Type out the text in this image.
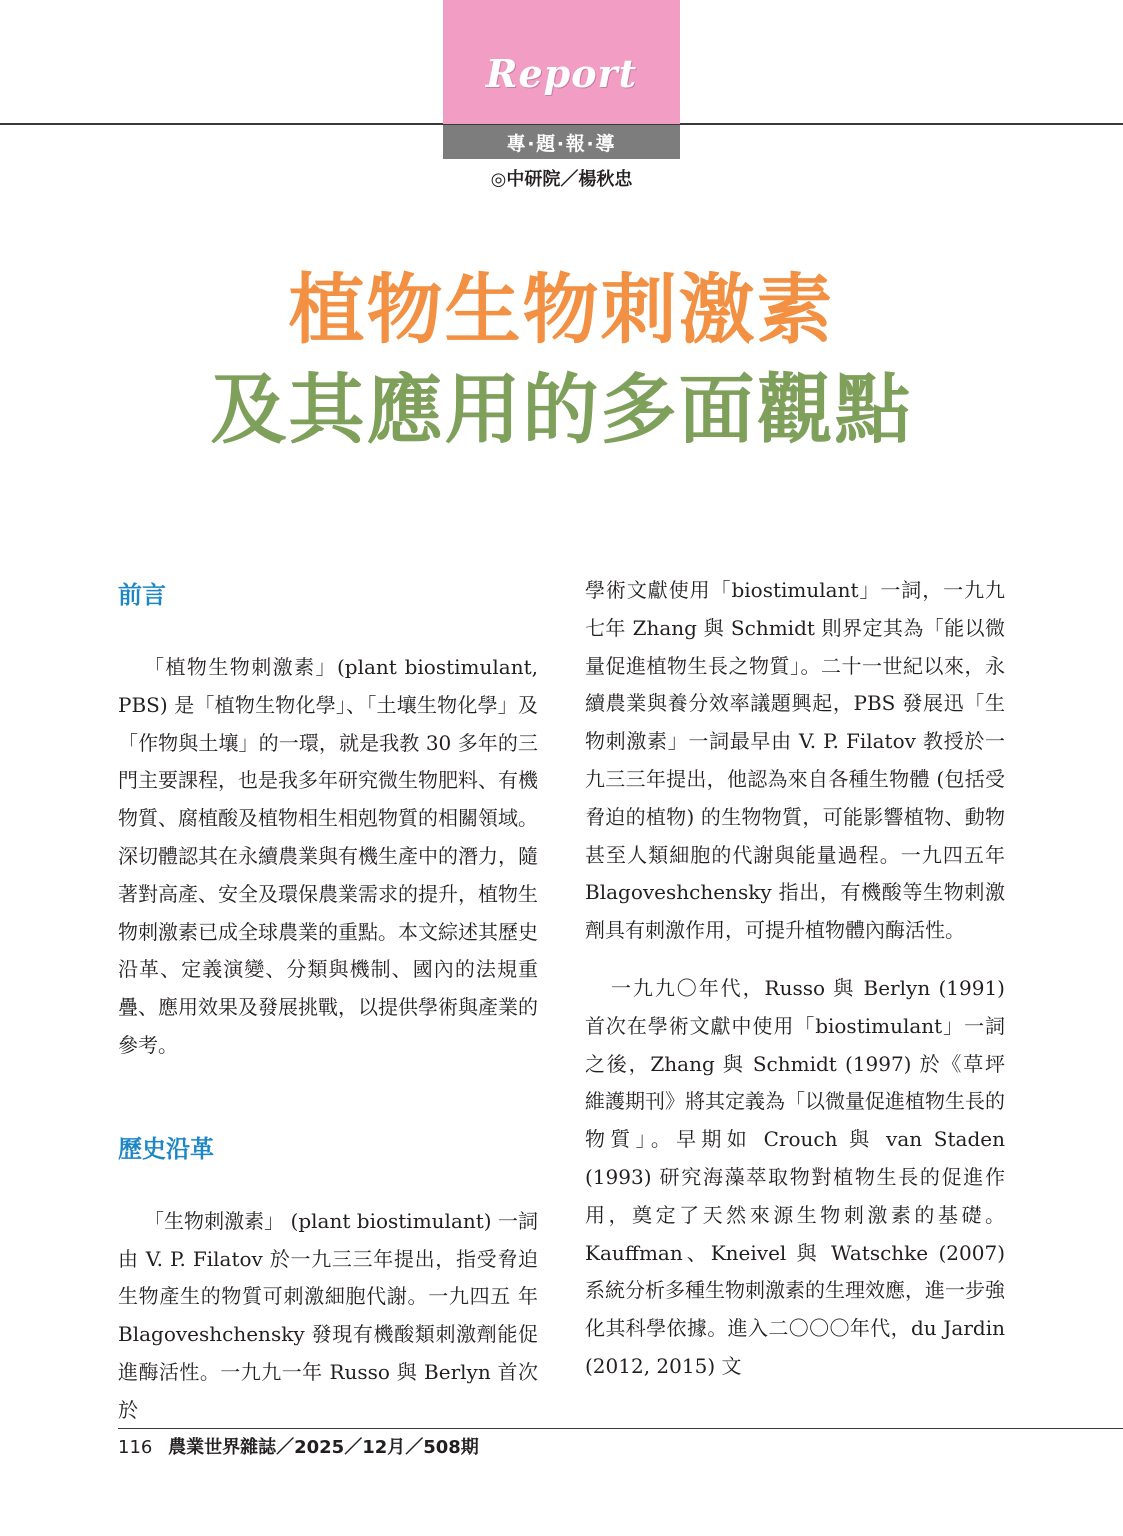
Report
專‧題‧報‧導
◎中研院／楊秋忠
植物生物刺激素
及其應用的多面觀點
前言

「植物生物刺激素」(plant biostimulant, PBS) 是「植物生物化學」、「土壤生物化學」及「作物與土壤」的一環，就是我教 30 多年的三門主要課程，也是我多年研究微生物肥料、有機物質、腐植酸及植物相生相剋物質的相關領域。深切體認其在永續農業與有機生產中的潛力，隨著對高產、安全及環保農業需求的提升，植物生物刺激素已成全球農業的重點。本文綜述其歷史沿革、定義演變、分類與機制、國內的法規重疊、應用效果及發展挑戰，以提供學術與產業的參考。

歷史沿革

「生物刺激素」 (plant biostimulant) 一詞由 V. P. Filatov 於一九三三年提出，指受脅迫生物產生的物質可刺激細胞代謝。一九四五 年 Blagoveshchensky 發現有機酸類刺激劑能促進酶活性。一九九一年 Russo 與 Berlyn 首次於

學術文獻使用「biostimulant」一詞，一九九七年 Zhang 與 Schmidt 則界定其為「能以微量促進植物生長之物質」。二十一世紀以來，永續農業與養分效率議題興起，PBS 發展迅「生物刺激素」一詞最早由 V. P. Filatov 教授於一九三三年提出，他認為來自各種生物體 (包括受脅迫的植物) 的生物物質，可能影響植物、動物甚至人類細胞的代謝與能量過程。一九四五年 Blagoveshchensky 指出，有機酸等生物刺激劑具有刺激作用，可提升植物體內酶活性。

一九九〇年代，Russo 與 Berlyn (1991) 首次在學術文獻中使用「biostimulant」一詞之後，Zhang 與 Schmidt (1997) 於《草坪維護期刊》將其定義為「以微量促進植物生長的物質」。早期如 Crouch 與 van Staden (1993) 研究海藻萃取物對植物生長的促進作用，奠定了天然來源生物刺激素的基礎。Kauffman、Kneivel 與 Watschke (2007) 系統分析多種生物刺激素的生理效應，進一步強化其科學依據。進入二〇〇〇年代，du Jardin (2012, 2015) 文

116 農業世界雜誌／2025／12月／508期
